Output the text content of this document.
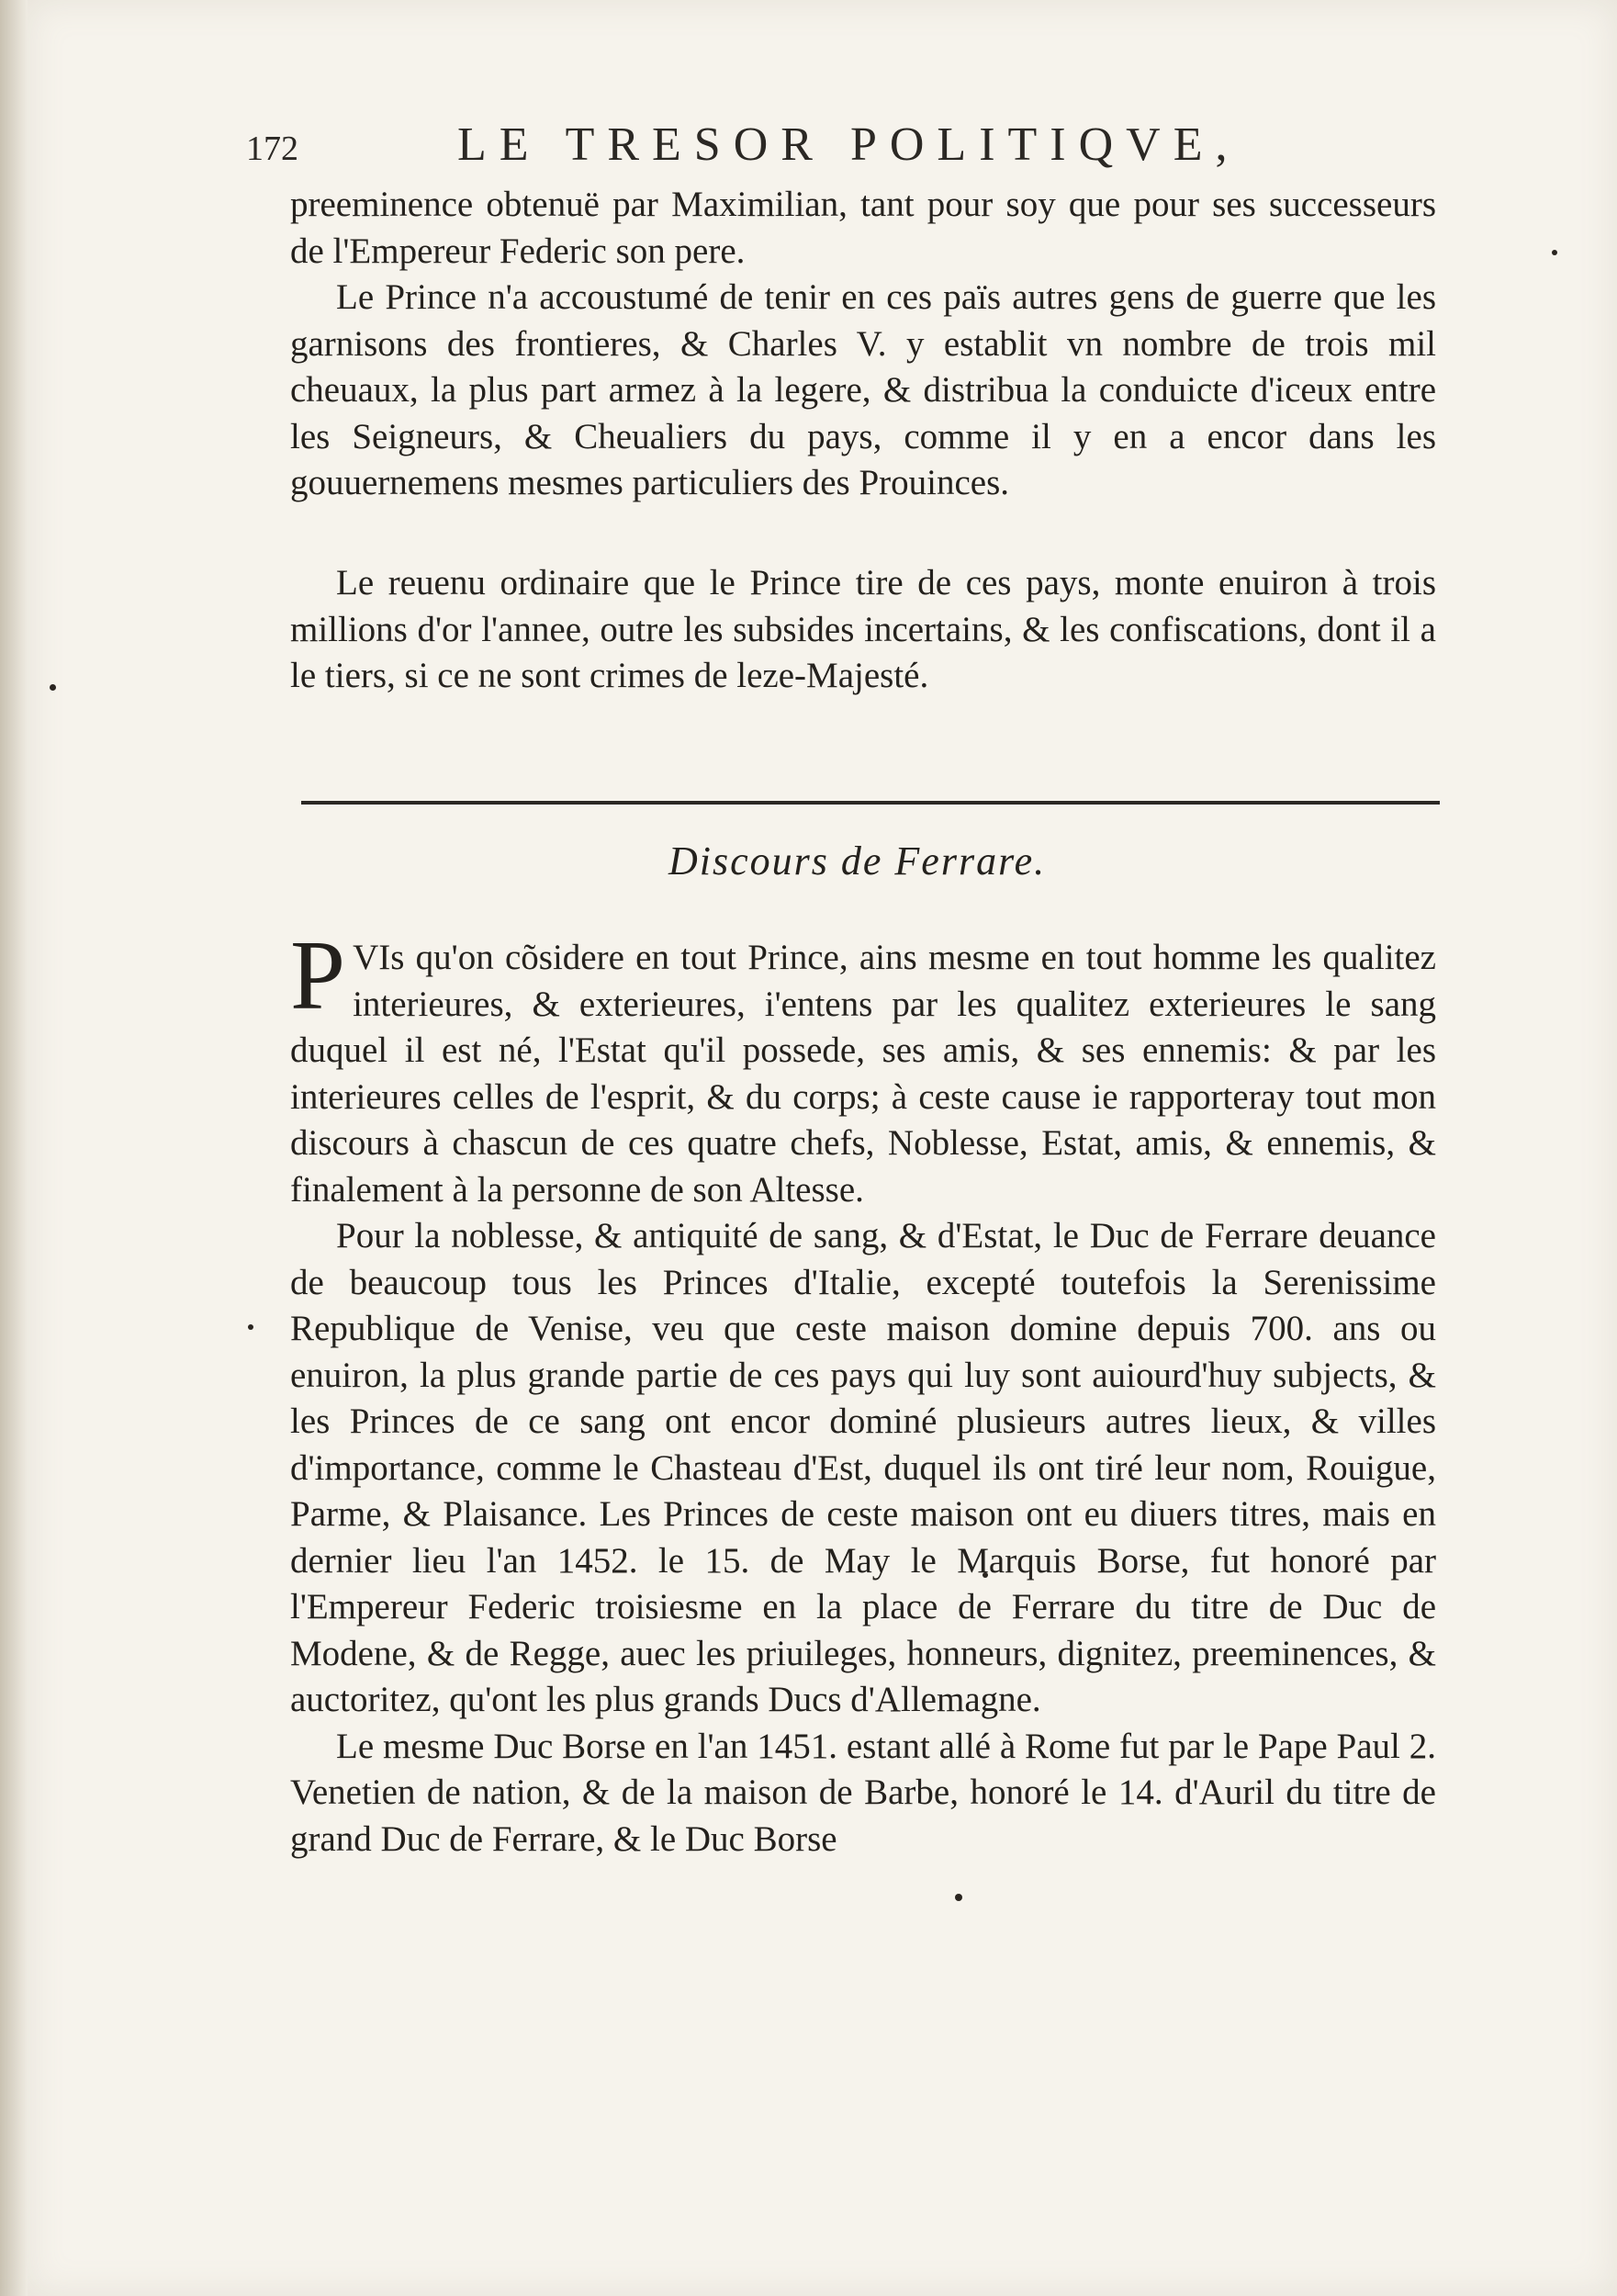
172	LE TRESOR POLITIQVE,

preeminence obtenuë par Maximilian, tant pour soy que pour ses successeurs de l'Empereur Federic son pere.

Le Prince n'a accoustumé de tenir en ces païs autres gens de guerre que les garnisons des frontieres, & Charles V. y establit vn nombre de trois mil cheuaux, la plus part armez à la legere, & distribua la conduicte d'iceux entre les Seigneurs, & Cheualiers du pays, comme il y en a encor dans les gouuernemens mesmes particuliers des Prouinces.

Le reuenu ordinaire que le Prince tire de ces pays, monte enuiron à trois millions d'or l'annee, outre les subsides incertains, & les confiscations, dont il a le tiers, si ce ne sont crimes de leze-Majesté.

Discours de Ferrare.

P VIs qu'on cõsidere en tout Prince, ains mesme en tout homme les qualitez interieures, & exterieures, i'entens par les qualitez exterieures le sang duquel il est né, l'Estat qu'il possede, ses amis, & ses ennemis: & par les interieures celles de l'esprit, & du corps; à ceste cause ie rapporteray tout mon discours à chascun de ces quatre chefs, Noblesse, Estat, amis, & ennemis, & finalement à la personne de son Altesse.

Pour la noblesse, & antiquité de sang, & d'Estat, le Duc de Ferrare deuance de beaucoup tous les Princes d'Italie, excepté toutefois la Serenissime Republique de Venise, veu que ceste maison domine depuis 700. ans ou enuiron, la plus grande partie de ces pays qui luy sont auiourd'huy subjects, & les Princes de ce sang ont encor dominé plusieurs autres lieux, & villes d'importance, comme le Chasteau d'Est, duquel ils ont tiré leur nom, Rouigue, Parme, & Plaisance. Les Princes de ceste maison ont eu diuers titres, mais en dernier lieu l'an 1452. le 15. de May le Marquis Borse, fut honoré par l'Empereur Federic troisiesme en la place de Ferrare du titre de Duc de Modene, & de Regge, auec les priuileges, honneurs, dignitez, preeminences, & auctoritez, qu'ont les plus grands Ducs d'Allemagne.

Le mesme Duc Borse en l'an 1451. estant allé à Rome fut par le Pape Paul 2. Venetien de nation, & de la maison de Barbe, honoré le 14. d'Auril du titre de grand Duc de Ferrare, & le Duc Borse
